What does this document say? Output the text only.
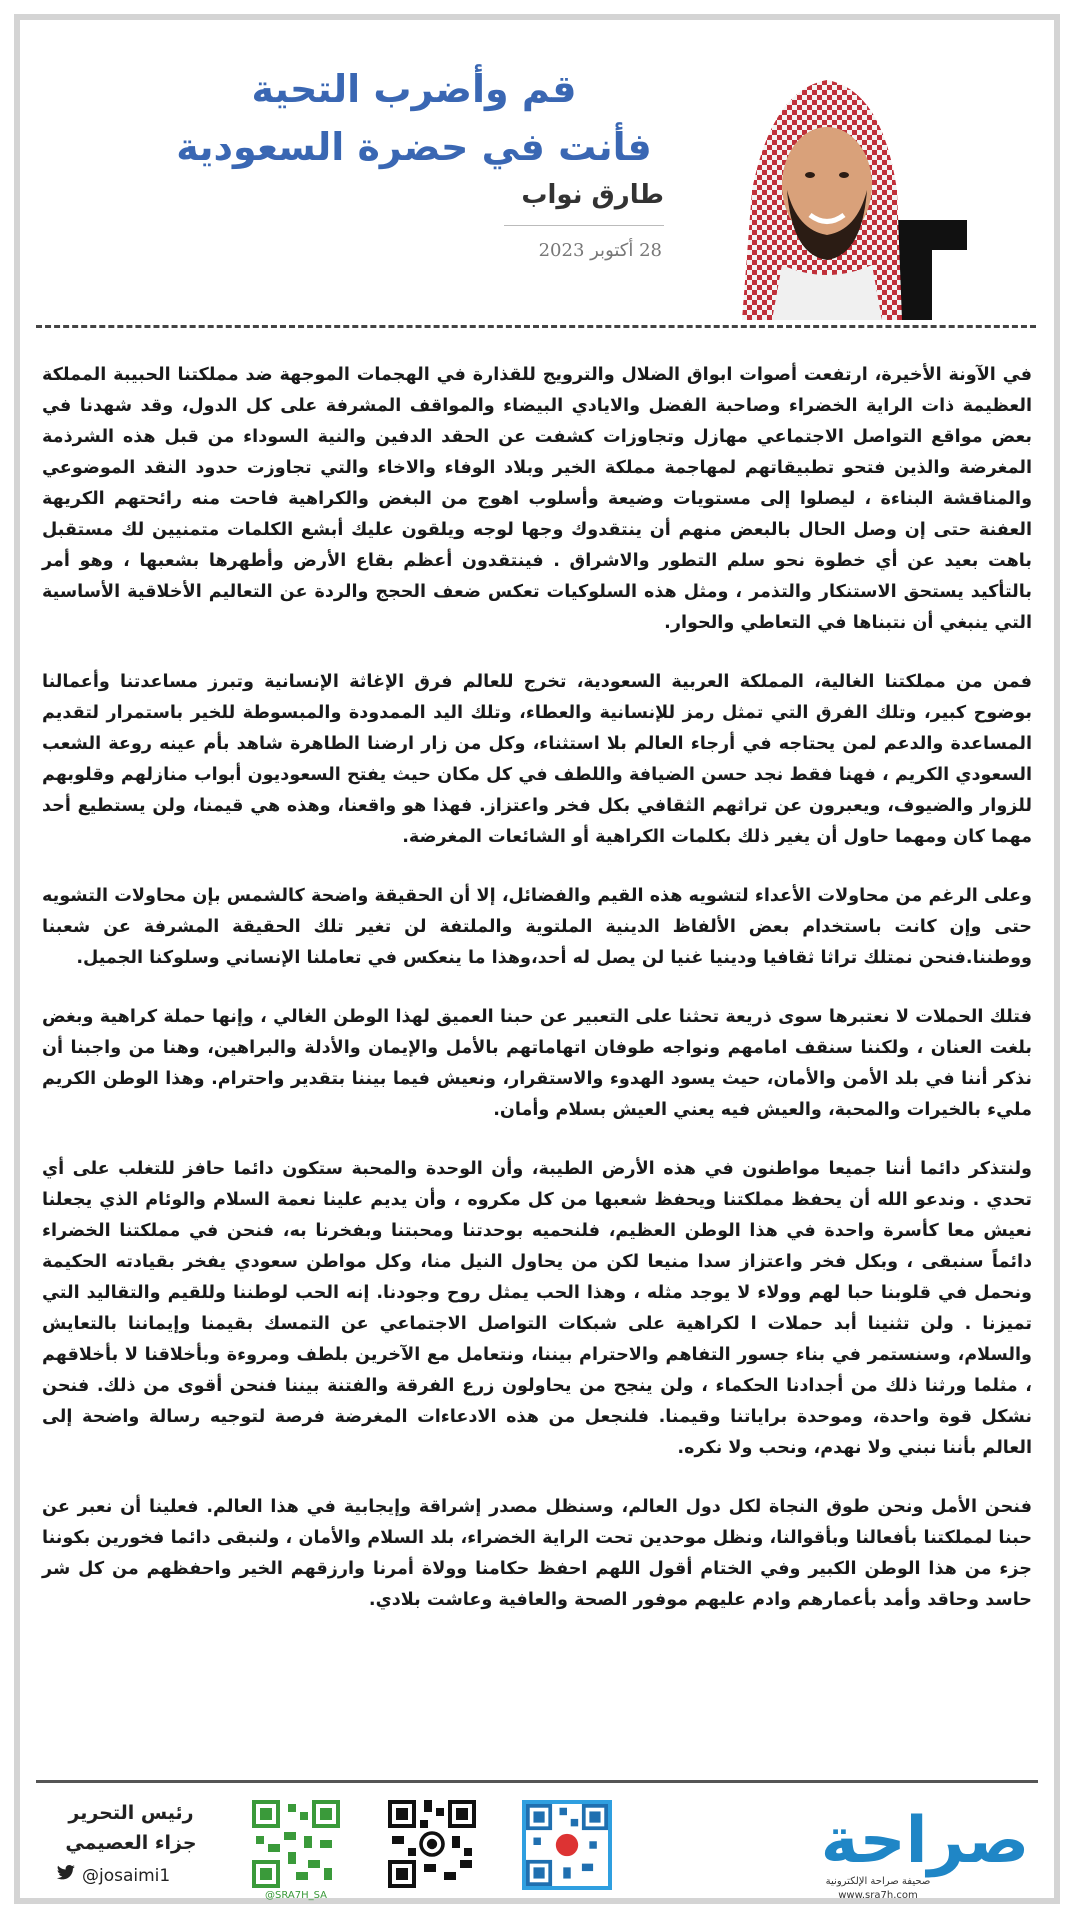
قم وأضرب التحية
فأنت في حضرة السعودية
طارق نواب
28 أكتوبر 2023

في الآونة الأخيرة، ارتفعت أصوات ابواق الضلال والترويج للقذارة في الهجمات الموجهة ضد مملكتنا الحبيبة المملكة العظيمة ذات الراية الخضراء وصاحبة الفضل والايادي البيضاء والمواقف المشرفة على كل الدول، وقد شهدنا في بعض مواقع التواصل الاجتماعي مهازل وتجاوزات كشفت عن الحقد الدفين والنية السوداء من قبل هذه الشرذمة المغرضة والذين فتحو تطبيقاتهم لمهاجمة مملكة الخير وبلاد الوفاء والاخاء والتي تجاوزت حدود النقد الموضوعي والمناقشة البناءة ، ليصلوا إلى مستويات وضيعة وأسلوب اهوج من البغض والكراهية فاحت منه رائحتهم الكريهة العفنة حتى إن وصل الحال بالبعض منهم أن ينتقدوك وجها لوجه ويلقون عليك أبشع الكلمات متمنيين لك مستقبل باهت بعيد عن أي خطوة نحو سلم التطور والاشراق . فينتقدون أعظم بقاع الأرض وأطهرها بشعبها ، وهو أمر بالتأكيد يستحق الاستنكار والتذمر ، ومثل هذه السلوكيات تعكس ضعف الحجج والردة عن التعاليم الأخلاقية الأساسية التي ينبغي أن نتبناها في التعاطي والحوار.

فمن من مملكتنا الغالية، المملكة العربية السعودية، تخرج للعالم فرق الإغاثة الإنسانية وتبرز مساعدتنا وأعمالنا بوضوح كبير، وتلك الفرق التي تمثل رمز للإنسانية والعطاء، وتلك اليد الممدودة والمبسوطة للخير باستمرار لتقديم المساعدة والدعم لمن يحتاجه في أرجاء العالم بلا استثناء، وكل من زار ارضنا الطاهرة شاهد بأم عينه روعة الشعب السعودي الكريم ، فهنا فقط نجد حسن الضيافة واللطف في كل مكان حيث يفتح السعوديون أبواب منازلهم وقلوبهم للزوار والضيوف، ويعبرون عن تراثهم الثقافي بكل فخر واعتزاز. فهذا هو واقعنا، وهذه هي قيمنا، ولن يستطيع أحد مهما كان ومهما حاول أن يغير ذلك بكلمات الكراهية أو الشائعات المغرضة.

وعلى الرغم من محاولات الأعداء لتشويه هذه القيم والفضائل، إلا أن الحقيقة واضحة كالشمس بإن محاولات التشويه حتى وإن كانت باستخدام بعض الألفاظ الدينية الملتوية والملتفة لن تغير تلك الحقيقة المشرفة عن شعبنا ووطننا.فنحن نمتلك تراثا ثقافيا ودينيا غنيا لن يصل له أحد،وهذا ما ينعكس في تعاملنا الإنساني وسلوكنا الجميل.

فتلك الحملات لا نعتبرها سوى ذريعة تحثنا على التعبير عن حبنا العميق لهذا الوطن الغالي ، وإنها حملة كراهية وبغض بلغت العنان ، ولكننا سنقف امامهم ونواجه طوفان اتهاماتهم بالأمل والإيمان والأدلة والبراهين، وهنا من واجبنا أن نذكر أننا في بلد الأمن والأمان، حيث يسود الهدوء والاستقرار، ونعيش فيما بيننا بتقدير واحترام. وهذا الوطن الكريم مليء بالخيرات والمحبة، والعيش فيه يعني العيش بسلام وأمان.

ولنتذكر دائما أننا جميعا مواطنون في هذه الأرض الطيبة، وأن الوحدة والمحبة ستكون دائما حافز للتغلب على أي تحدي . وندعو الله أن يحفظ مملكتنا ويحفظ شعبها من كل مكروه ، وأن يديم علينا نعمة السلام والوئام الذي يجعلنا نعيش معا كأسرة واحدة في هذا الوطن العظيم، فلنحميه بوحدتنا ومحبتنا وبفخرنا به، فنحن في مملكتنا الخضراء دائماً سنبقى ، وبكل فخر واعتزاز سدا منيعا لكن من يحاول النيل منا، وكل مواطن سعودي يفخر بقيادته الحكيمة ونحمل في قلوبنا حبا لهم وولاء لا يوجد مثله ، وهذا الحب يمثل روح وجودنا. إنه الحب لوطننا وللقيم والتقاليد التي تميزنا . ولن تثنينا أبد حملات ا لكراهية على شبكات التواصل الاجتماعي عن التمسك بقيمنا وإيماننا بالتعايش والسلام، وسنستمر في بناء جسور التفاهم والاحترام بيننا، ونتعامل مع الآخرين بلطف ومروءة وبأخلاقنا لا بأخلاقهم ، مثلما ورثنا ذلك من أجدادنا الحكماء ، ولن ينجح من يحاولون زرع الفرقة والفتنة بيننا فنحن أقوى من ذلك. فنحن نشكل قوة واحدة، وموحدة براياتنا وقيمنا. فلنجعل من هذه الادعاءات المغرضة فرصة لتوجيه رسالة واضحة إلى العالم بأننا نبني ولا نهدم، ونحب ولا نكره.

فنحن الأمل ونحن طوق النجاة لكل دول العالم، وسنظل مصدر إشراقة وإيجابية في هذا العالم. فعلينا أن نعبر عن حبنا لمملكتنا بأفعالنا وبأقوالنا، ونظل موحدين تحت الراية الخضراء، بلد السلام والأمان ، ولنبقى دائما فخورين بكوننا جزء من هذا الوطن الكبير وفي الختام أقول اللهم احفظ حكامنا وولاة أمرنا وارزقهم الخير واحفظهم من كل شر حاسد وحاقد وأمد بأعمارهم وادم عليهم موفور الصحة والعافية وعاشت بلادي.

رئيس التحرير
جزاء العصيمي
@josaimi1
@SRA7H_SA
صراحة
صحيفة صراحة الإلكترونية
www.sra7h.com
